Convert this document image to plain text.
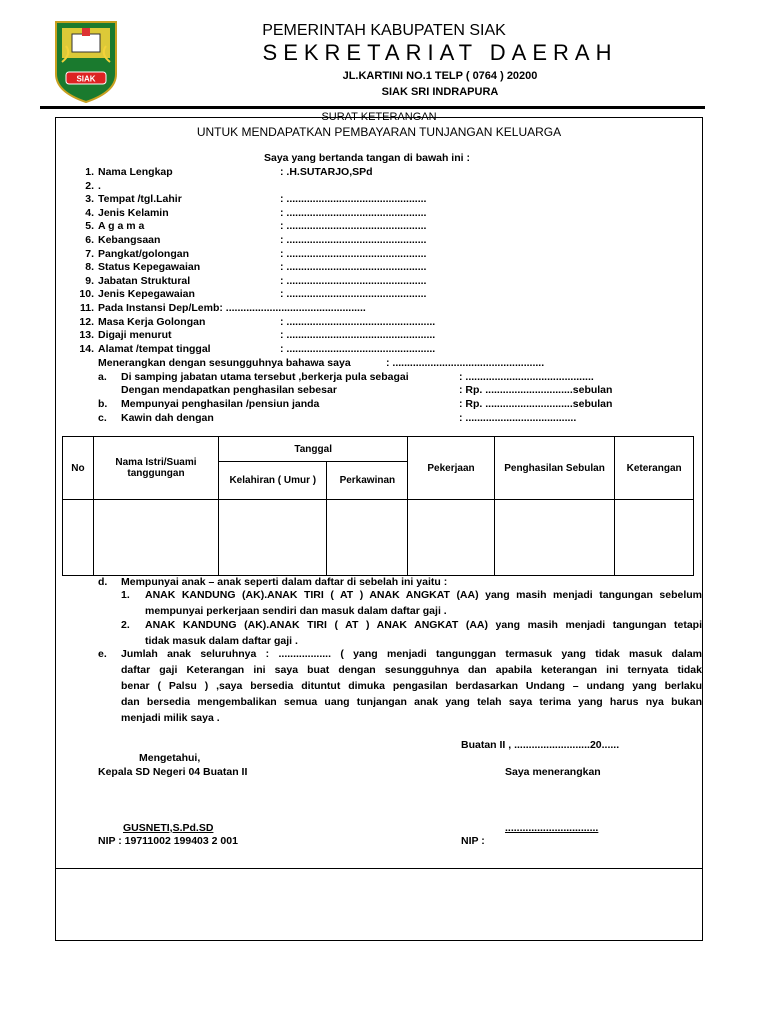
SIAK
PEMERINTAH KABUPATEN SIAK
SEKRETARIAT DAERAH
JL.KARTINI NO.1 TELP ( 0764 ) 20200
SIAK SRI INDRAPURA
SURAT KETERANGAN
UNTUK MENDAPATKAN PEMBAYARAN TUNJANGAN KELUARGA
Saya yang bertanda tangan di bawah ini :
1. Nama Lengkap	: .H.SUTARJO,SPd
2. .
3. Tempat /tgl.Lahir	: ................................................
4. Jenis Kelamin	: ................................................
5. A g a m a	: ................................................
6. Kebangsaan	: ................................................
7. Pangkat/golongan	: ................................................
8. Status Kepegawaian	: ................................................
9. Jabatan Struktural	: ................................................
10. Jenis Kepegawaian	: ................................................
11. Pada Instansi Dep/Lemb: ................................................
12. Masa Kerja Golongan	: ...................................................
13. Digaji menurut	: ...................................................
14. Alamat /tempat tinggal	: ...................................................
Menerangkan dengan sesungguhnya bahawa saya	: ....................................................
a. Di samping jabatan utama tersebut ,berkerja pula sebagai	: ............................................
Dengan mendapatkan penghasilan sebesar	: Rp. ..............................sebulan
b. Mempunyai penghasilan /pensiun janda	: Rp. ..............................sebulan
c. Kawin dah dengan	: ......................................
No	Nama Istri/Suami tanggungan	Tanggal		Pekerjaan	Penghasilan Sebulan	Keterangan
		Kelahiran ( Umur )	Perkawinan			

d. Mempunyai anak – anak seperti dalam daftar di sebelah ini yaitu :
1. ANAK KANDUNG (AK).ANAK TIRI ( AT ) ANAK ANGKAT (AA) yang masih menjadi tangungan sebelum
mempunyai perkerjaan sendiri dan masuk dalam daftar gaji .
2. ANAK KANDUNG (AK).ANAK TIRI ( AT ) ANAK ANGKAT (AA) yang masih menjadi tangungan tetapi
tidak masuk dalam daftar gaji .
e. Jumlah anak seluruhnya : .................. ( yang menjadi tangunggan termasuk yang tidak masuk dalam
daftar gaji Keterangan ini saya buat dengan sesungguhnya dan apabila keterangan ini ternyata tidak
benar ( Palsu ) ,saya bersedia dituntut dimuka pengasilan berdasarkan Undang – undang yang berlaku
dan bersedia mengembalikan semua uang tunjangan anak yang telah saya terima yang harus nya bukan
menjadi milik saya .
Buatan II , ..........................20......
Mengetahui,
Kepala SD Negeri 04 Buatan II	Saya menerangkan
GUSNETI,S.Pd.SD
NIP : 19711002 199403 2 001
................................
NIP :
